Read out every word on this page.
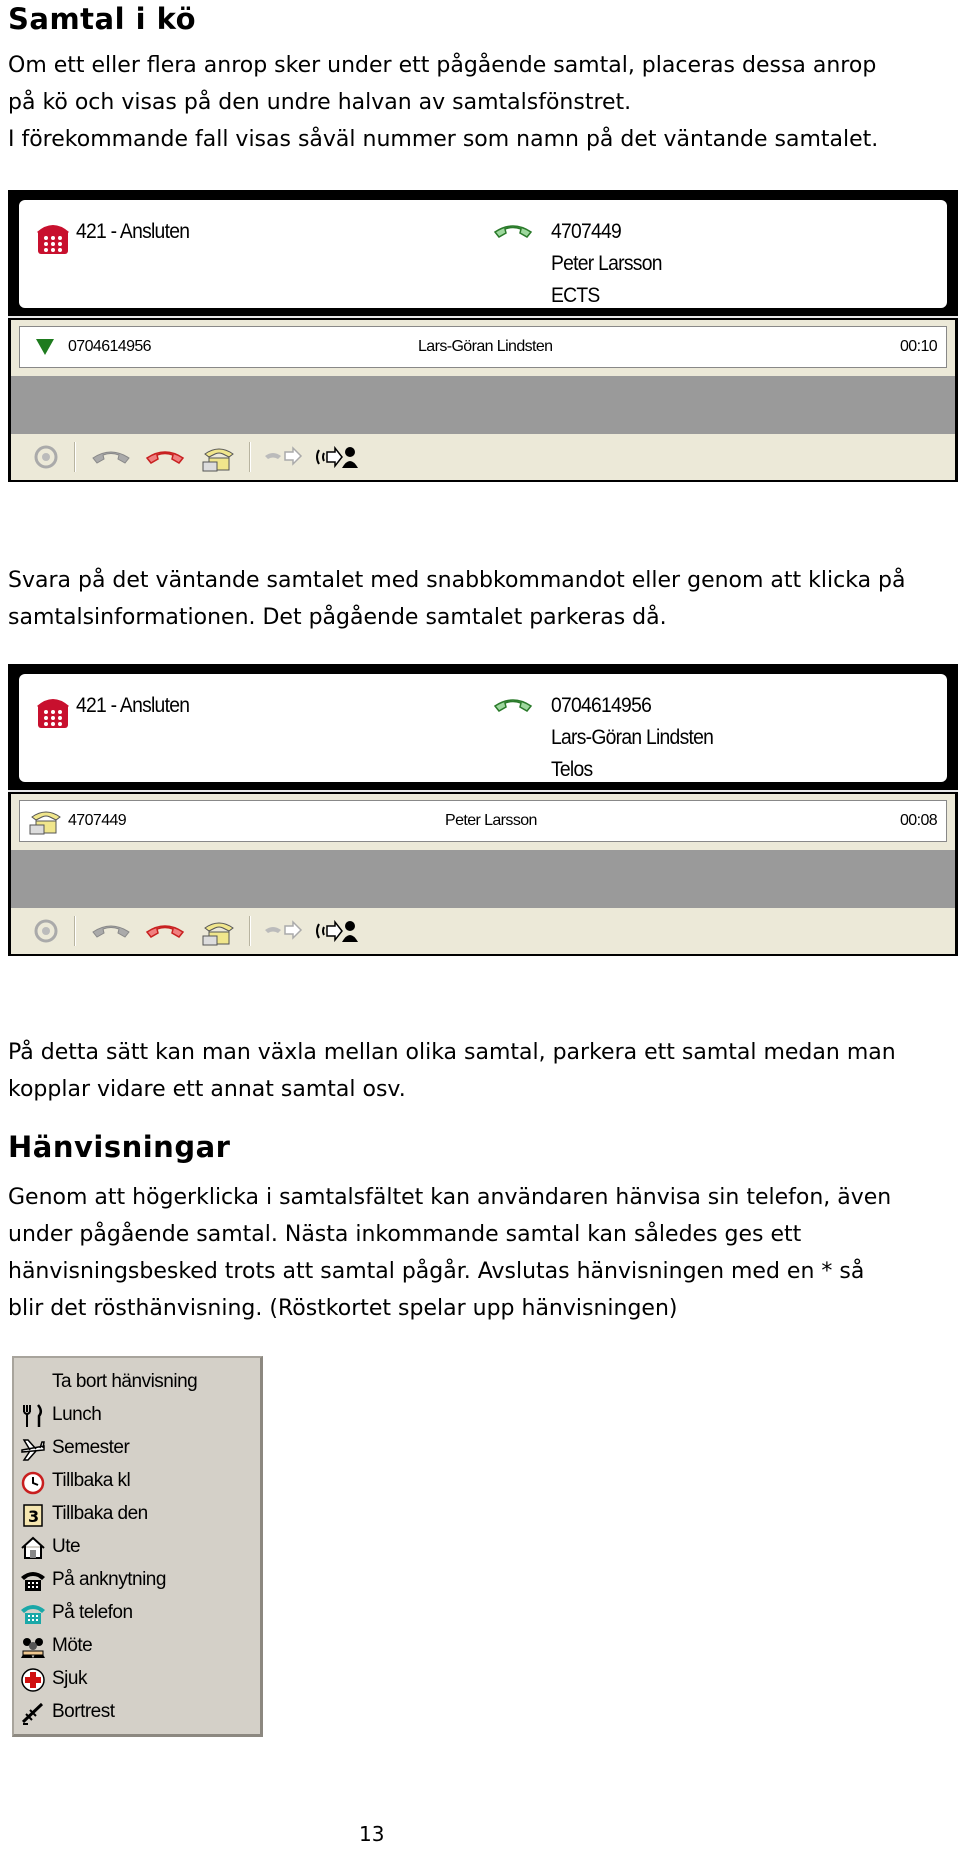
Samtal i kö
Om ett eller flera anrop sker under ett pågående samtal, placeras dessa anrop
på kö och visas på den undre halvan av samtalsfönstret.
I förekommande fall visas såväl nummer som namn på det väntande samtalet.
421 - Ansluten	4707449
Peter Larsson
ECTS
0704614956	Lars-Göran Lindsten	00:10
Svara på det väntande samtalet med snabbkommandot eller genom att klicka på
samtalsinformationen. Det pågående samtalet parkeras då.
421 - Ansluten	0704614956
Lars-Göran Lindsten
Telos
4707449	Peter Larsson	00:08
På detta sätt kan man växla mellan olika samtal, parkera ett samtal medan man
kopplar vidare ett annat samtal osv.
Hänvisningar
Genom att högerklicka i samtalsfältet kan användaren hänvisa sin telefon, även
under pågående samtal. Nästa inkommande samtal kan således ges ett
hänvisningsbesked trots att samtal pågår. Avslutas hänvisningen med en * så
blir det rösthänvisning. (Röstkortet spelar upp hänvisningen)
Ta bort hänvisning
Lunch
Semester
Tillbaka kl
3 Tillbaka den
Ute
På anknytning
På telefon
Möte
Sjuk
Bortrest
13
